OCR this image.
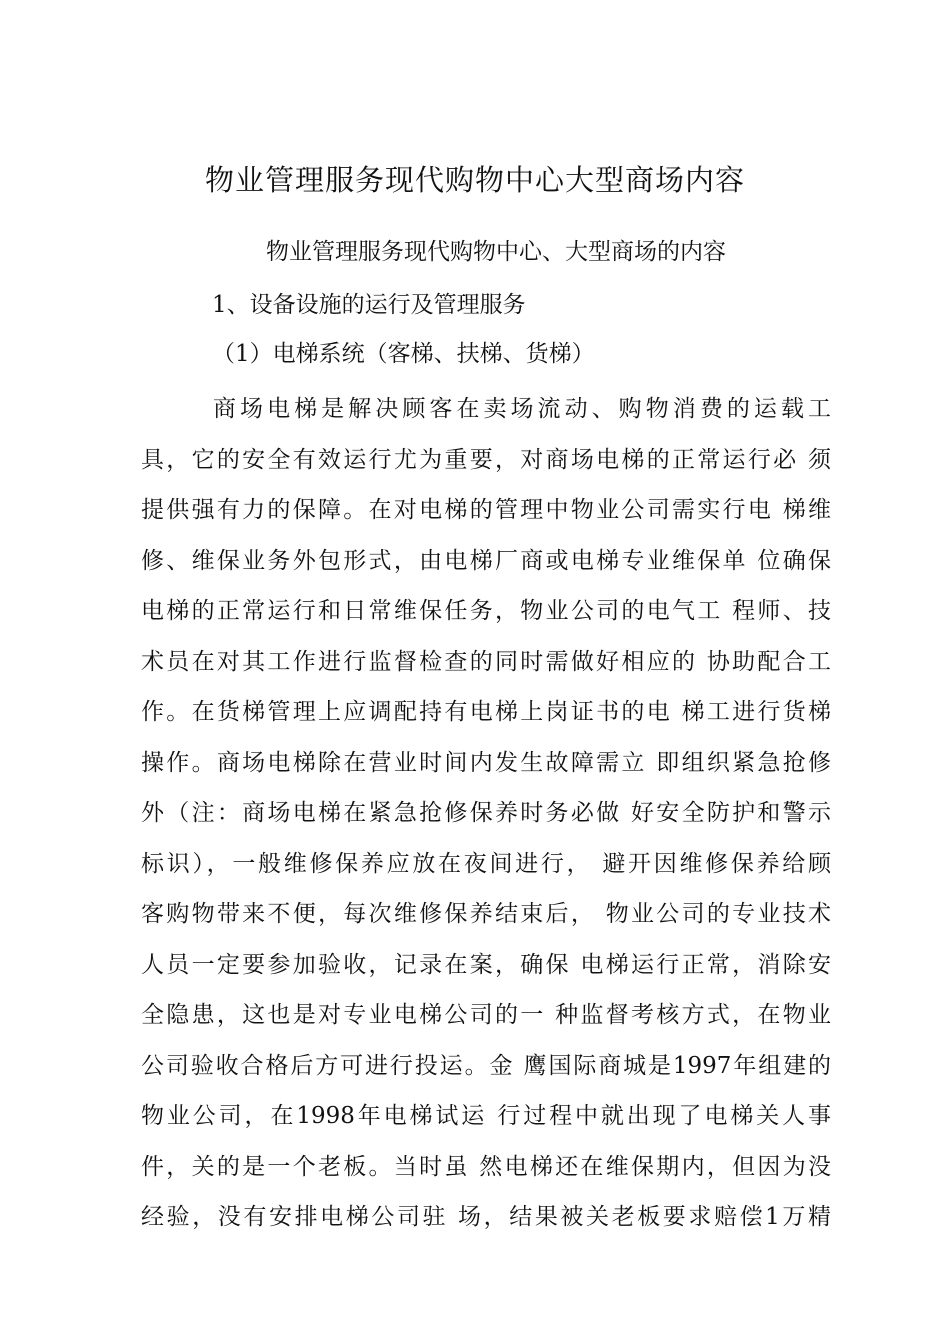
物业管理服务现代购物中心大型商场内容
物业管理服务现代购物中心、大型商场的内容
1、设备设施的运行及管理服务
（1）电梯系统（客梯、扶梯、货梯）
商场电梯是解决顾客在卖场流动、购物消费的运载工
具，它的安全有效运行尤为重要，对商场电梯的正常运行必 须
提供强有力的保障。在对电梯的管理中物业公司需实行电 梯维
修、维保业务外包形式，由电梯厂商或电梯专业维保单 位确保
电梯的正常运行和日常维保任务，物业公司的电气工 程师、技
术员在对其工作进行监督检查的同时需做好相应的 协助配合工
作。在货梯管理上应调配持有电梯上岗证书的电 梯工进行货梯
操作。商场电梯除在营业时间内发生故障需立 即组织紧急抢修
外（注：商场电梯在紧急抢修保养时务必做 好安全防护和警示
标识），一般维修保养应放在夜间进行， 避开因维修保养给顾
客购物带来不便，每次维修保养结束后， 物业公司的专业技术
人员一定要参加验收，记录在案，确保 电梯运行正常，消除安
全隐患，这也是对专业电梯公司的一 种监督考核方式，在物业
公司验收合格后方可进行投运。金 鹰国际商城是1997年组建的
物业公司，在1998年电梯试运 行过程中就出现了电梯关人事
件，关的是一个老板。当时虽 然电梯还在维保期内，但因为没
经验，没有安排电梯公司驻 场，结果被关老板要求赔偿1万精
